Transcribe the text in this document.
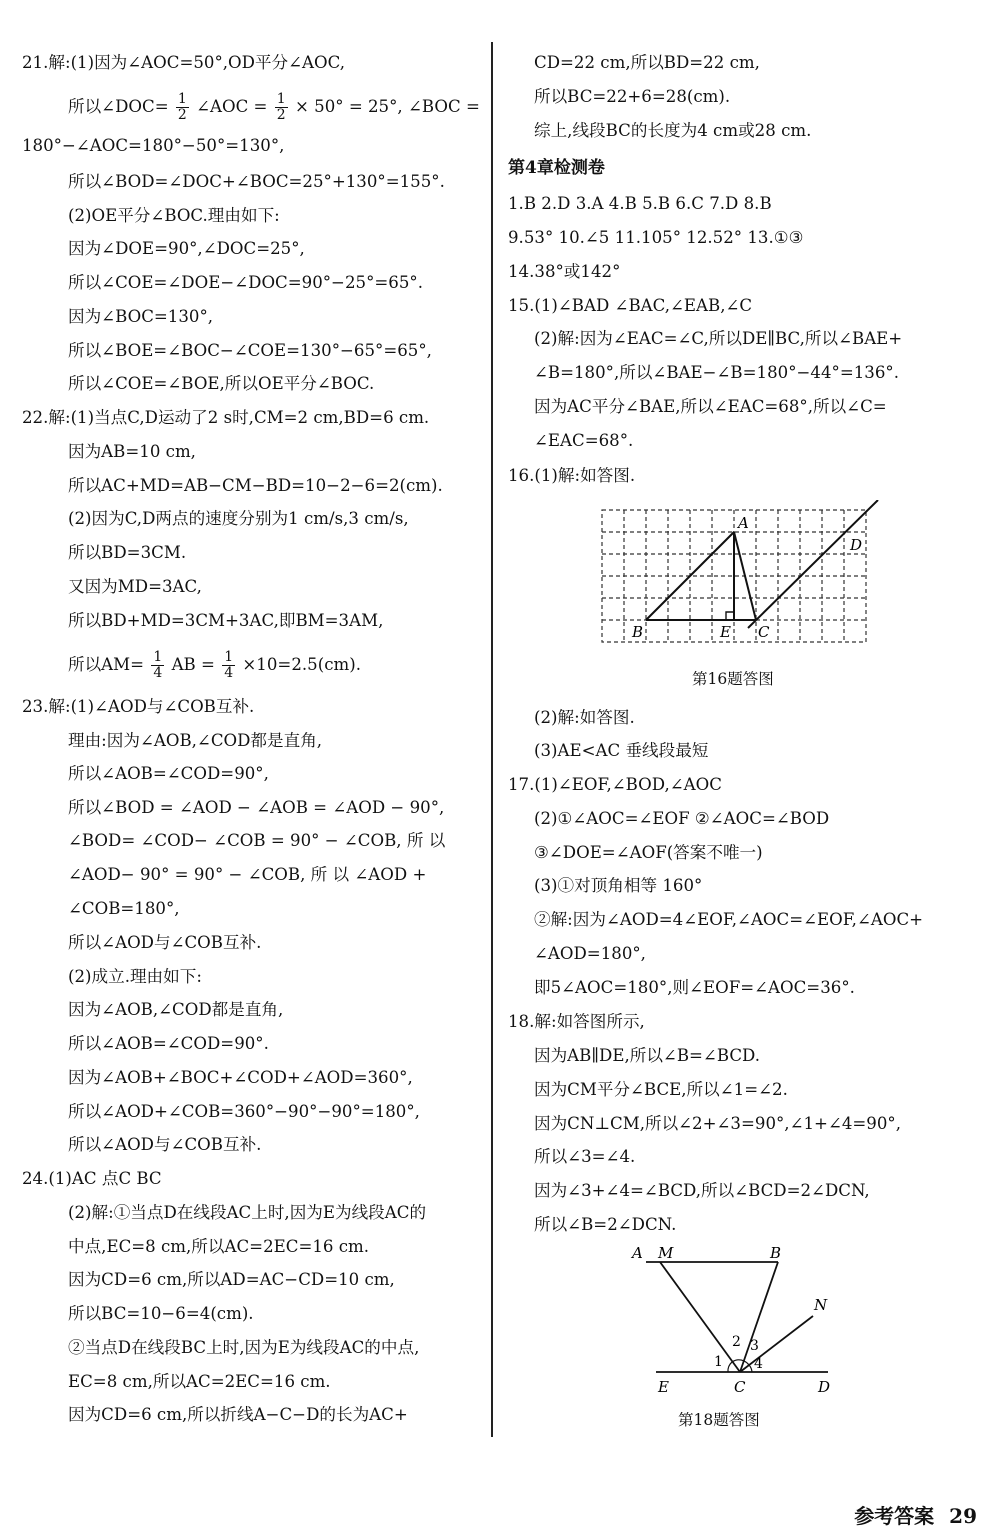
21.解:(1)因为∠AOC=50°,OD平分∠AOC,
所以∠DOC= $\frac{1}{2}$ ∠AOC = $\frac{1}{2} \times 50^\circ = 25^\circ$, ∠BOC =
180°−∠AOC=180°−50°=130°,
所以∠BOD=∠DOC+∠BOC=25°+130°=155°.
(2)OE平分∠BOC.理由如下:
因为∠DOE=90°,∠DOC=25°,
所以∠COE=∠DOE−∠DOC=90°−25°=65°.
因为∠BOC=130°,
所以∠BOE=∠BOC−∠COE=130°−65°=65°,
所以∠COE=∠BOE,所以OE平分∠BOC.
22.解:(1)当点C,D运动了2 s时,CM=2 cm,BD=6 cm.
因为AB=10 cm,
所以AC+MD=AB−CM−BD=10−2−6=2(cm).
(2)因为C,D两点的速度分别为1 cm/s,3 cm/s,
所以BD=3CM.
又因为MD=3AC,
所以BD+MD=3CM+3AC,即BM=3AM,
所以$AM= \frac{1}{4}$ AB = $\frac{1}{4} \times 10=2.5(cm)$.
23.解:(1)∠AOD与∠COB互补.
理由:因为∠AOB,∠COD都是直角,
所以∠AOB=∠COD=90°,
所以∠BOD = ∠AOD − ∠AOB = ∠AOD − 90°,
∠BOD= ∠COD− ∠COB = 90° − ∠COB, 所 以
∠AOD− 90° = 90° − ∠COB, 所 以 ∠AOD +
∠COB=180°,
所以∠AOD与∠COB互补.
(2)成立.理由如下:
因为∠AOB,∠COD都是直角,
所以∠AOB=∠COD=90°.
因为∠AOB+∠BOC+∠COD+∠AOD=360°,
所以∠AOD+∠COB=360°−90°−90°=180°,
所以∠AOD与∠COB互补.
24.(1)AC 点C BC
(2)解:①当点D在线段AC上时,因为E为线段AC的
中点,EC=8 cm,所以AC=2EC=16 cm.
因为CD=6 cm,所以AD=AC−CD=10 cm,
所以BC=10−6=4(cm).
②当点D在线段BC上时,因为E为线段AC的中点,
EC=8 cm,所以AC=2EC=16 cm.
因为CD=6 cm,所以折线A−C−D的长为AC+
CD=22 cm,所以BD=22 cm,
所以BC=22+6=28(cm).
综上,线段BC的长度为4 cm或28 cm.
第4章检测卷
1.B 2.D 3.A 4.B 5.B 6.C 7.D 8.B
9.53° 10.∠5 11.105° 12.52° 13.①③
14.38°或142°
15.(1)∠BAD ∠BAC,∠EAB,∠C
(2)解:因为∠EAC=∠C,所以DE∥BC,所以∠BAE+
∠B=180°,所以∠BAE−∠B=180°−44°=136°.
因为AC平分∠BAE,所以∠EAC=68°,所以∠C=
∠EAC=68°.
16.(1)解:如答图.
A
B	C
D
E
第16题答图
(2)解:如答图.
(3)AE<AC 垂线段最短
17.(1)∠EOF,∠BOD,∠AOC
(2)①∠AOC=∠EOF ②∠AOC=∠BOD
③∠DOE=∠AOF(答案不唯一)
(3)①对顶角相等 160°
②解:因为∠AOD=4∠EOF,∠AOC=∠EOF,∠AOC+
∠AOD=180°,
即5∠AOC=180°,则∠EOF=∠AOC=36°.
18.解:如答图所示,
因为AB∥DE,所以∠B=∠BCD.
因为CM平分∠BCE,所以∠1=∠2.
因为CN⊥CM,所以∠2+∠3=90°,∠1+∠4=90°,
所以∠3=∠4.
因为∠3+∠4=∠BCD,所以∠BCD=2∠DCN,
所以∠B=2∠DCN.
A M	B
N
E	C	D
1
2 3
4
第18题答图
参考答案 29
